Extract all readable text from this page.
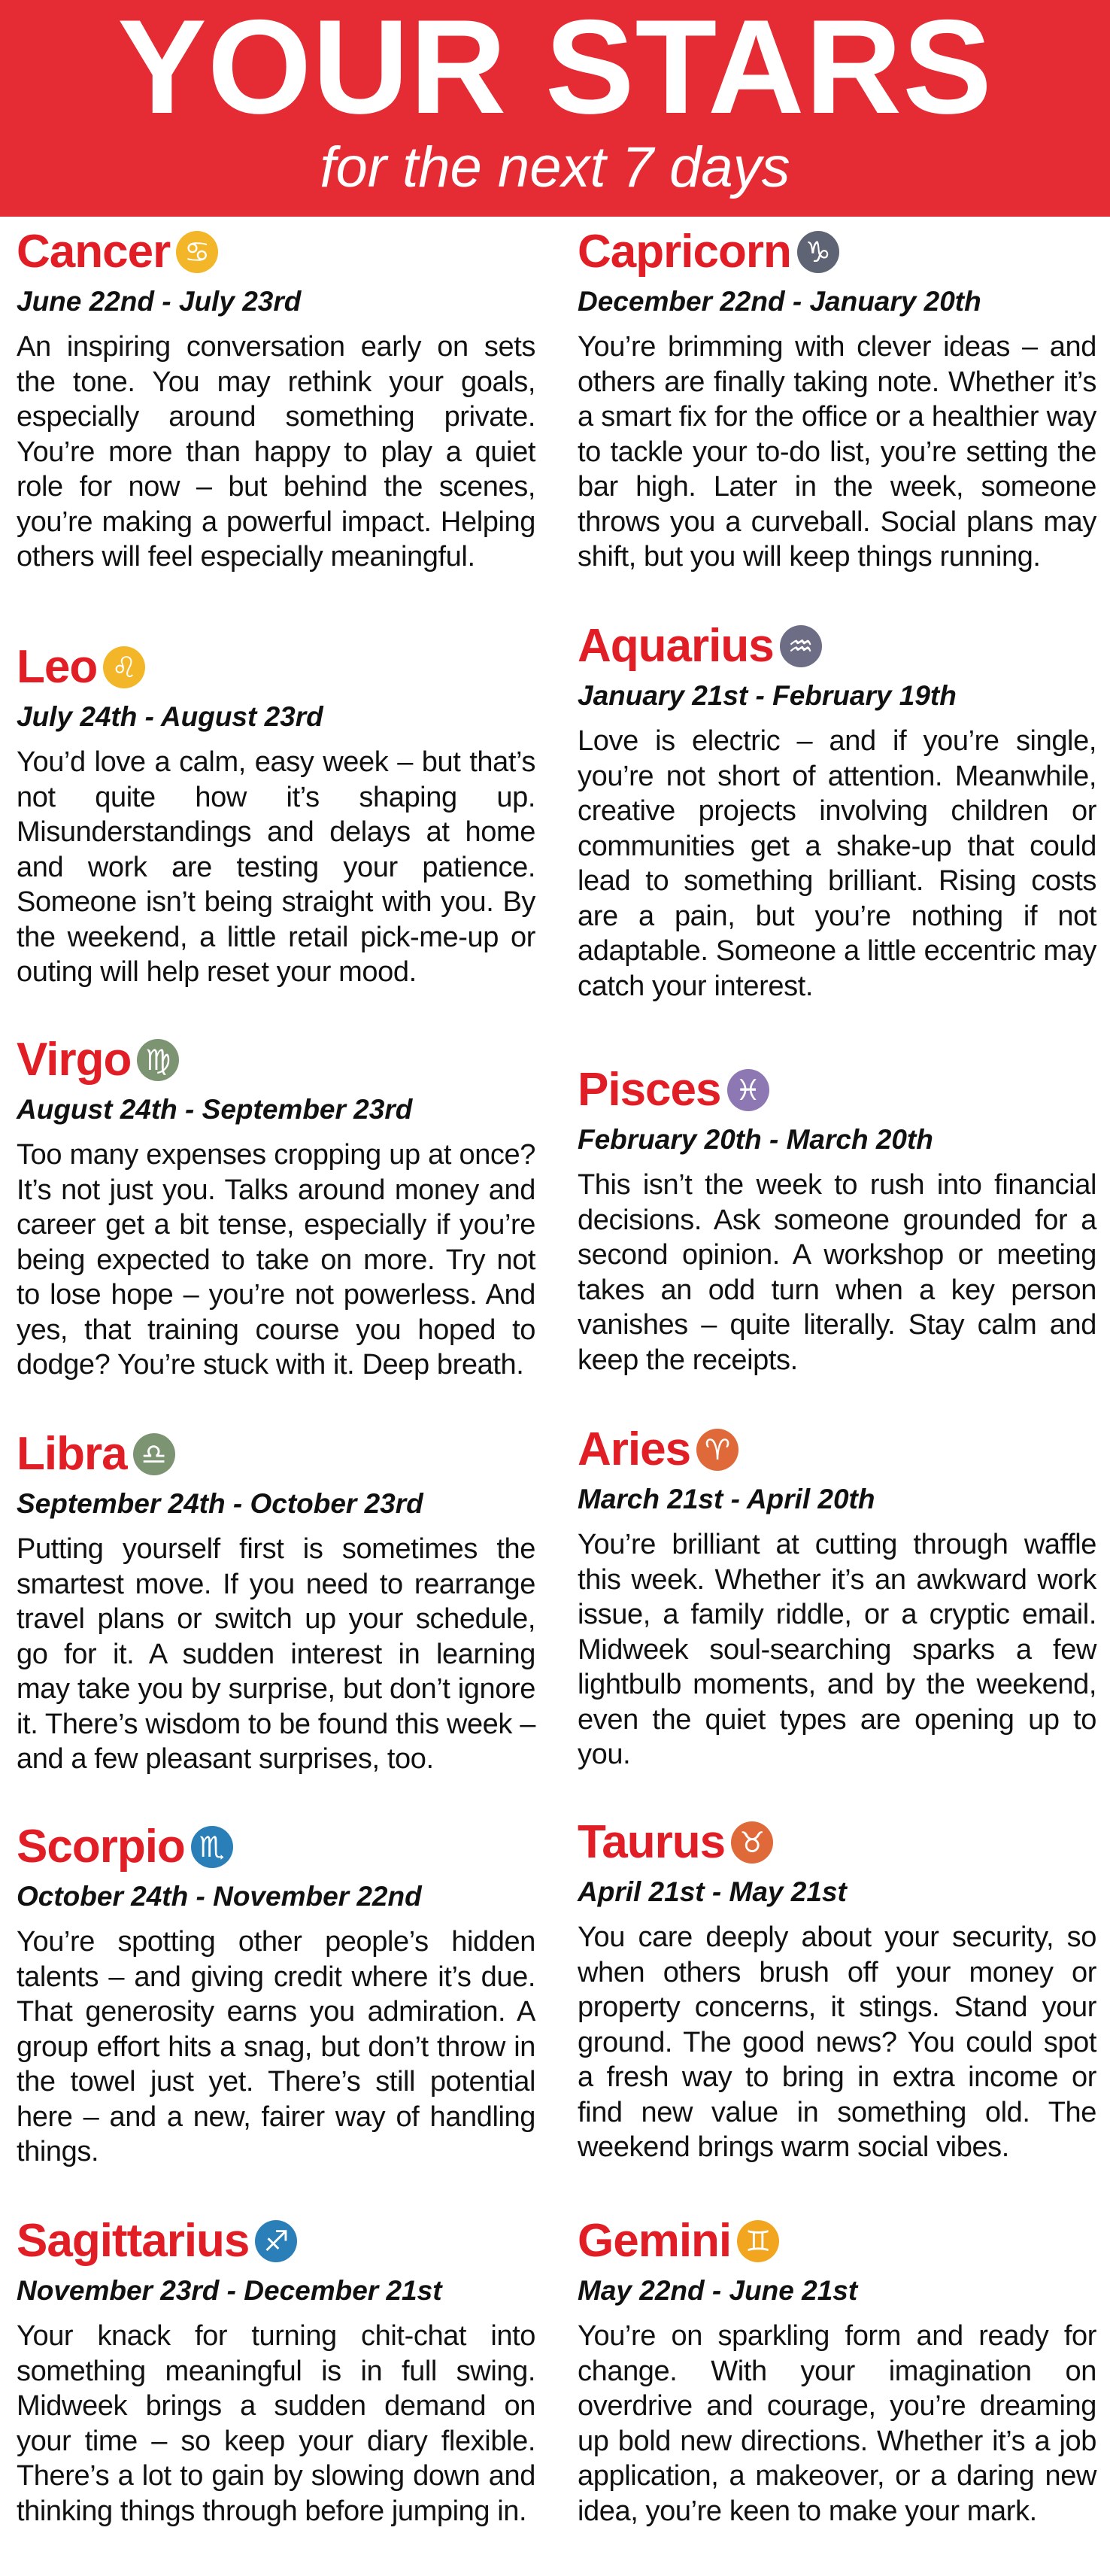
YOUR STARS
for the next 7 days
Cancer ♋
June 22nd - July 23rd
An inspiring conversation early on sets the tone. You may rethink your goals, especially around something private. You’re more than happy to play a quiet role for now – but behind the scenes, you’re making a powerful impact. Helping others will feel especially meaningful.
Leo ♌
July 24th - August 23rd
You’d love a calm, easy week – but that’s not quite how it’s shaping up. Misunderstandings and delays at home and work are testing your patience. Someone isn’t being straight with you. By the weekend, a little retail pick-me-up or outing will help reset your mood.
Virgo ♍
August 24th - September 23rd
Too many expenses cropping up at once? It’s not just you. Talks around money and career get a bit tense, especially if you’re being expected to take on more. Try not to lose hope – you’re not powerless. And yes, that training course you hoped to dodge? You’re stuck with it. Deep breath.
Libra ♎
September 24th - October 23rd
Putting yourself first is sometimes the smartest move. If you need to rearrange travel plans or switch up your schedule, go for it. A sudden interest in learning may take you by surprise, but don’t ignore it. There’s wisdom to be found this week – and a few pleasant surprises, too.
Scorpio ♏
October 24th - November 22nd
You’re spotting other people’s hidden talents – and giving credit where it’s due. That generosity earns you admiration. A group effort hits a snag, but don’t throw in the towel just yet. There’s still potential here – and a new, fairer way of handling things.
Sagittarius ♐
November 23rd - December 21st
Your knack for turning chit-chat into something meaningful is in full swing. Midweek brings a sudden demand on your time – so keep your diary flexible. There’s a lot to gain by slowing down and thinking things through before jumping in.
Capricorn ♑
December 22nd - January 20th
You’re brimming with clever ideas – and others are finally taking note. Whether it’s a smart fix for the office or a healthier way to tackle your to-do list, you’re setting the bar high. Later in the week, someone throws you a curveball. Social plans may shift, but you will keep things running.
Aquarius ♒
January 21st - February 19th
Love is electric – and if you’re single, you’re not short of attention. Meanwhile, creative projects involving children or communities get a shake-up that could lead to something brilliant. Rising costs are a pain, but you’re nothing if not adaptable. Someone a little eccentric may catch your interest.
Pisces ♓
February 20th - March 20th
This isn’t the week to rush into financial decisions. Ask someone grounded for a second opinion. A workshop or meeting takes an odd turn when a key person vanishes – quite literally. Stay calm and keep the receipts.
Aries ♈
March 21st - April 20th
You’re brilliant at cutting through waffle this week. Whether it’s an awkward work issue, a family riddle, or a cryptic email. Midweek soul-searching sparks a few lightbulb moments, and by the weekend, even the quiet types are opening up to you.
Taurus ♉
April 21st - May 21st
You care deeply about your security, so when others brush off your money or property concerns, it stings. Stand your ground. The good news? You could spot a fresh way to bring in extra income or find new value in something old. The weekend brings warm social vibes.
Gemini ♊
May 22nd - June 21st
You’re on sparkling form and ready for change. With your imagination on overdrive and courage, you’re dreaming up bold new directions. Whether it’s a job application, a makeover, or a daring new idea, you’re keen to make your mark.
